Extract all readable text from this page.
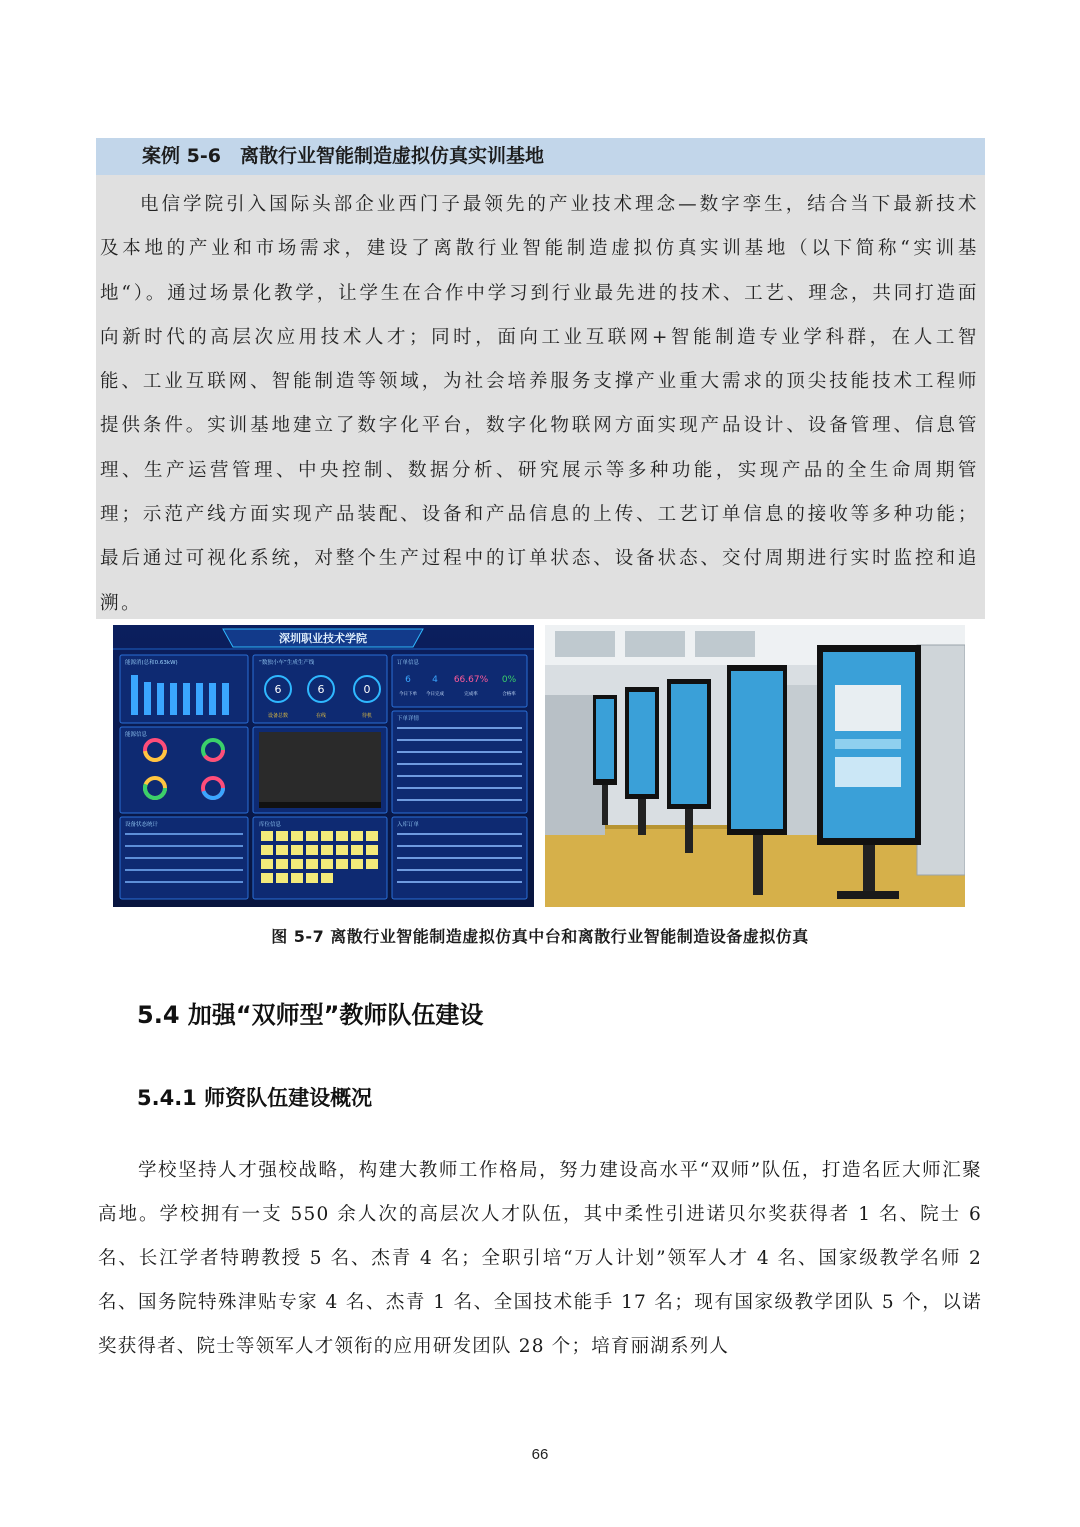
案例 5-6　离散行业智能制造虚拟仿真实训基地

电信学院引入国际头部企业西门子最领先的产业技术理念—数字孪生，结合当下最新技术及本地的产业和市场需求，建设了离散行业智能制造虚拟仿真实训基地（以下简称“实训基地“）。通过场景化教学，让学生在合作中学习到行业最先进的技术、工艺、理念，共同打造面向新时代的高层次应用技术人才；同时，面向工业互联网+智能制造专业学科群，在人工智能、工业互联网、智能制造等领域，为社会培养服务支撑产业重大需求的顶尖技能技术工程师提供条件。实训基地建立了数字化平台，数字化物联网方面实现产品设计、设备管理、信息管理、生产运营管理、中央控制、数据分析、研究展示等多种功能，实现产品的全生命周期管理；示范产线方面实现产品装配、设备和产品信息的上传、工艺订单信息的接收等多种功能；最后通过可视化系统，对整个生产过程中的订单状态、设备状态、交付周期进行实时监控和追溯。

深圳职业技术学院
能源消(总和0.63kW)
能源信息
设备状态统计
“数独小车”生成生产线
6	6	0
设备总数	在线	待机
库位信息
订单信息
6 4 66.67% 0%
今日下单 今日完成	完成率	合格率
下单详情
入库订单
图 5-7 离散行业智能制造虚拟仿真中台和离散行业智能制造设备虚拟仿真
5.4 加强“双师型”教师队伍建设
5.4.1 师资队伍建设概况

学校坚持人才强校战略，构建大教师工作格局，努力建设高水平“双师”队伍，打造名匠大师汇聚高地。学校拥有一支 550 余人次的高层次人才队伍，其中柔性引进诺贝尔奖获得者 1 名、院士 6 名、长江学者特聘教授 5 名、杰青 4 名；全职引培“万人计划”领军人才 4 名、国家级教学名师 2 名、国务院特殊津贴专家 4 名、杰青 1 名、全国技术能手 17 名；现有国家级教学团队 5 个，以诺奖获得者、院士等领军人才领衔的应用研发团队 28 个；培育丽湖系列人

66
